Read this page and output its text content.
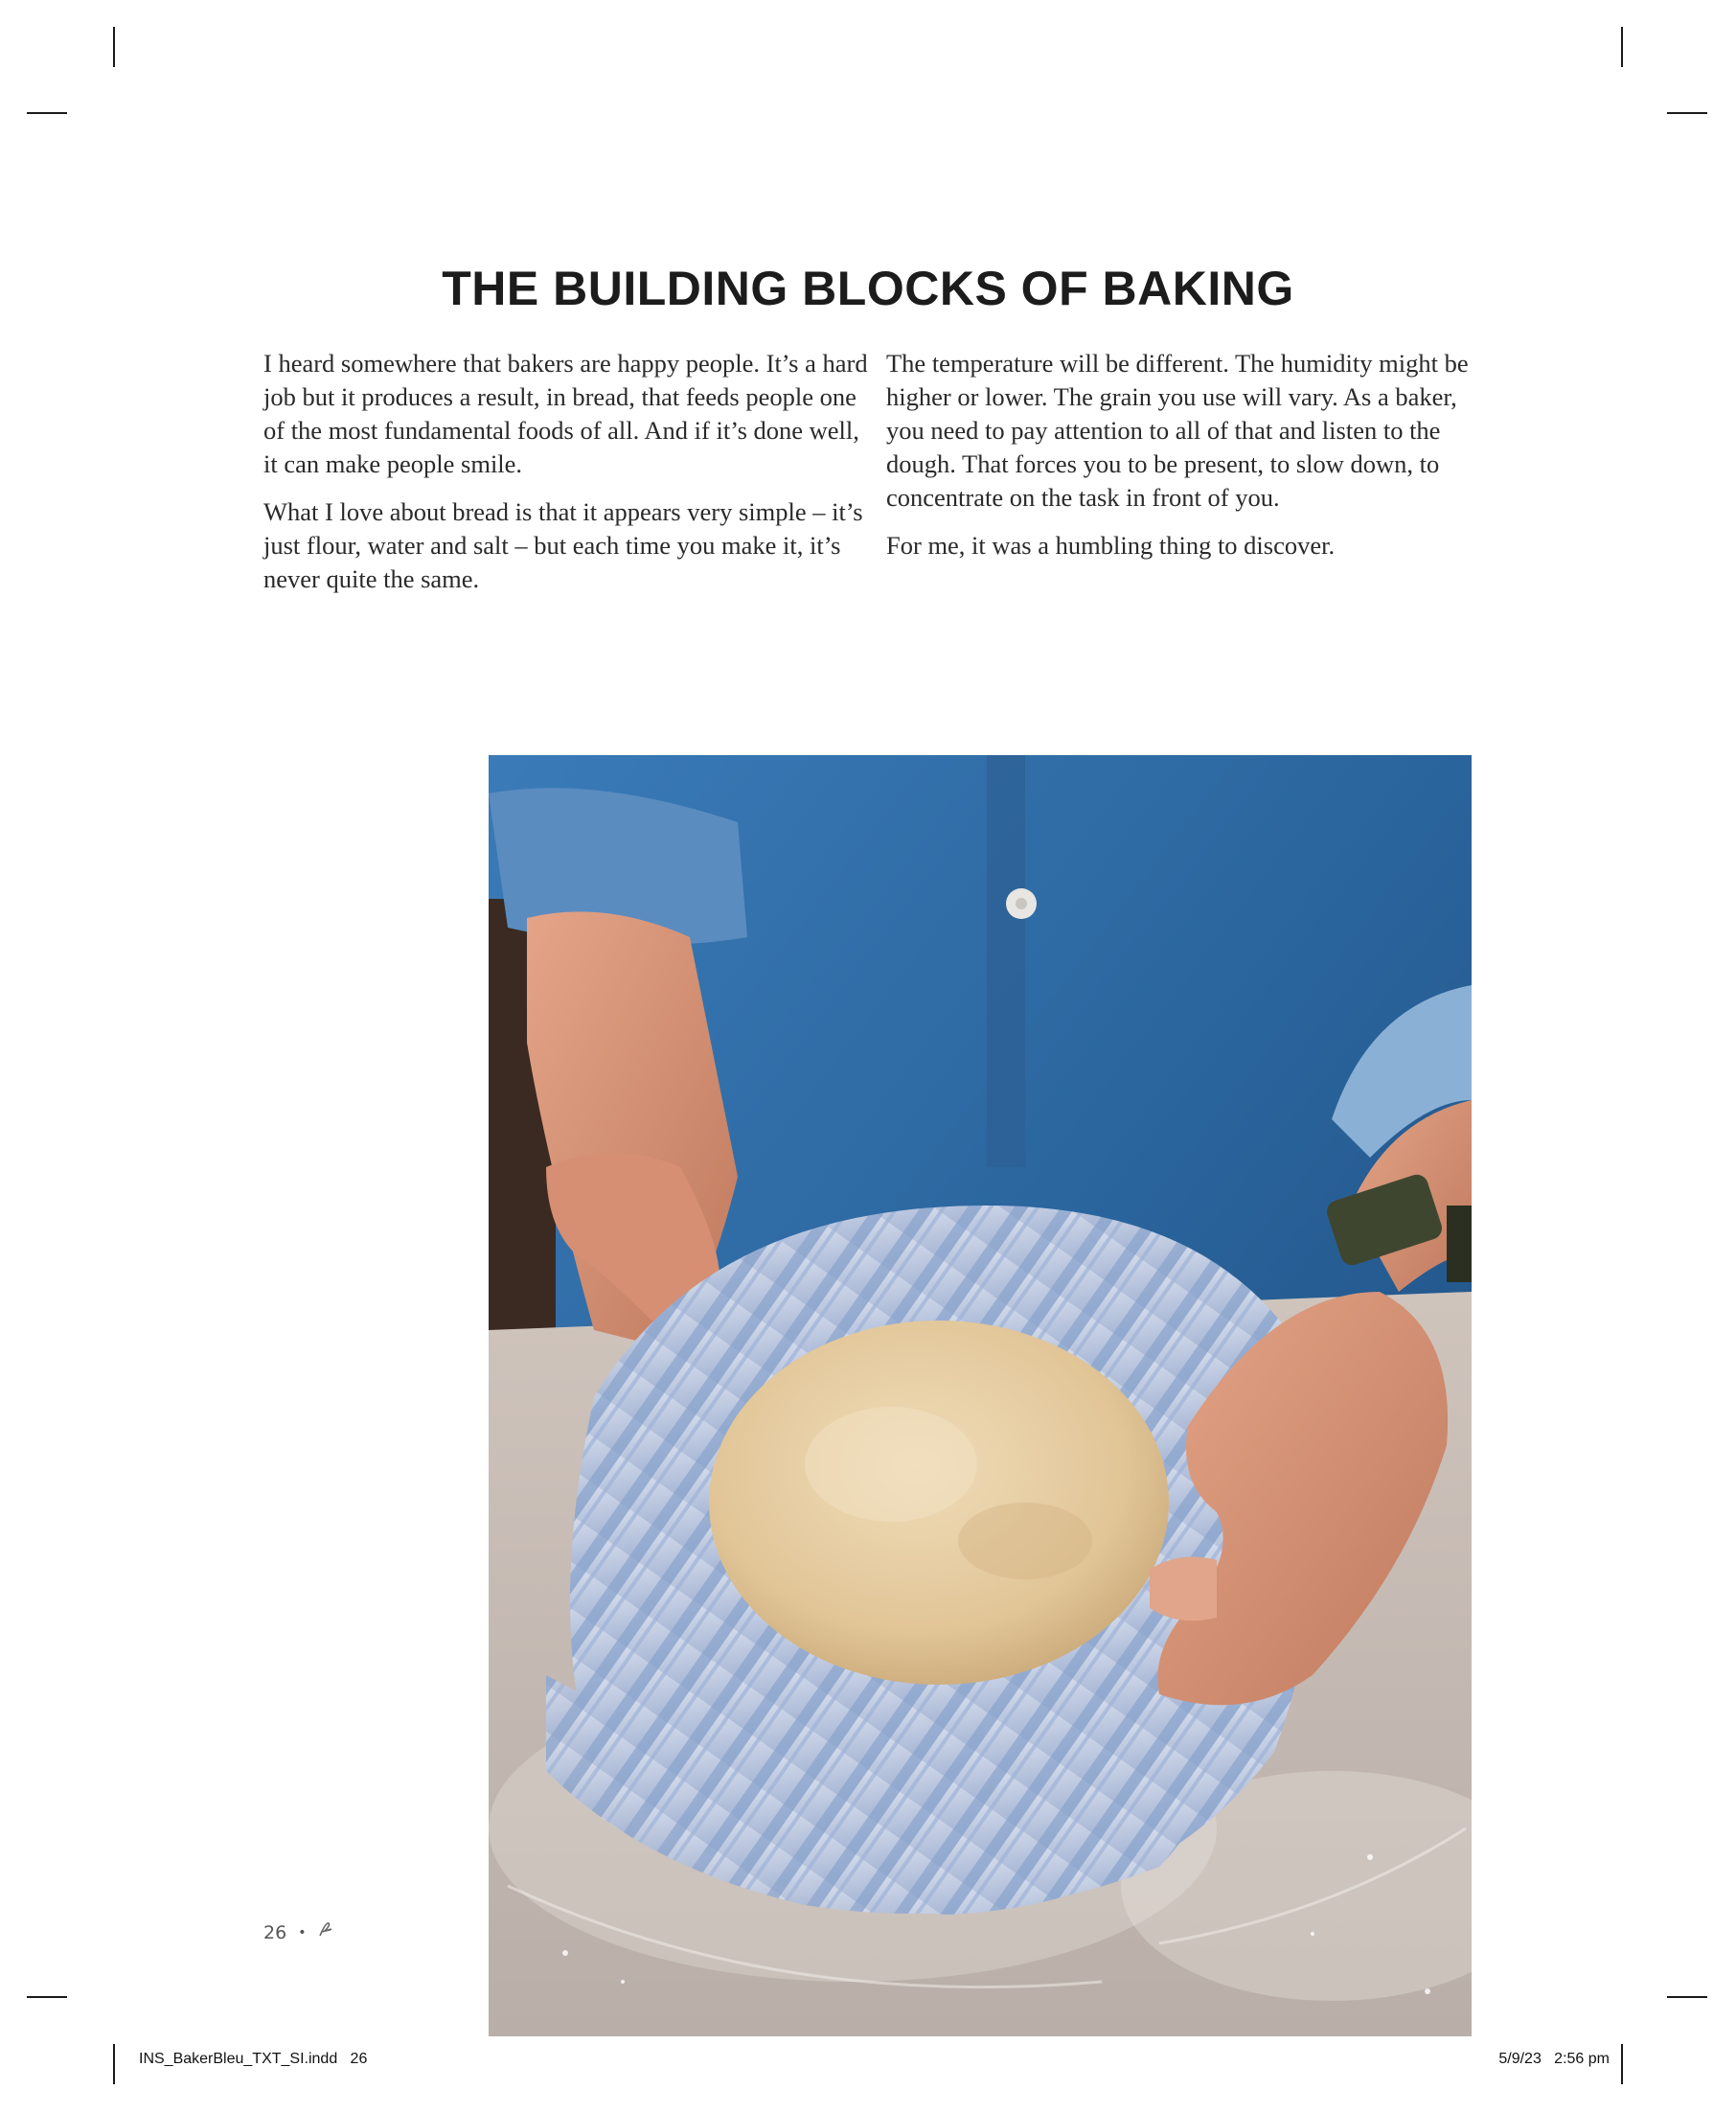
THE BUILDING BLOCKS OF BAKING

I heard somewhere that bakers are happy people. It’s a hard job but it produces a result, in bread, that feeds people one of the most fundamental foods of all. And if it’s done well, it can make people smile.

What I love about bread is that it appears very simple – it’s just flour, water and salt – but each time you make it, it’s never quite the same.

The temperature will be different. The humidity might be higher or lower. The grain you use will vary. As a baker, you need to pay attention to all of that and listen to the dough. That forces you to be present, to slow down, to concentrate on the task in front of you.

For me, it was a humbling thing to discover.

26 •
INS_BakerBleu_TXT_SI.indd   26	5/9/23   2:56 pm
